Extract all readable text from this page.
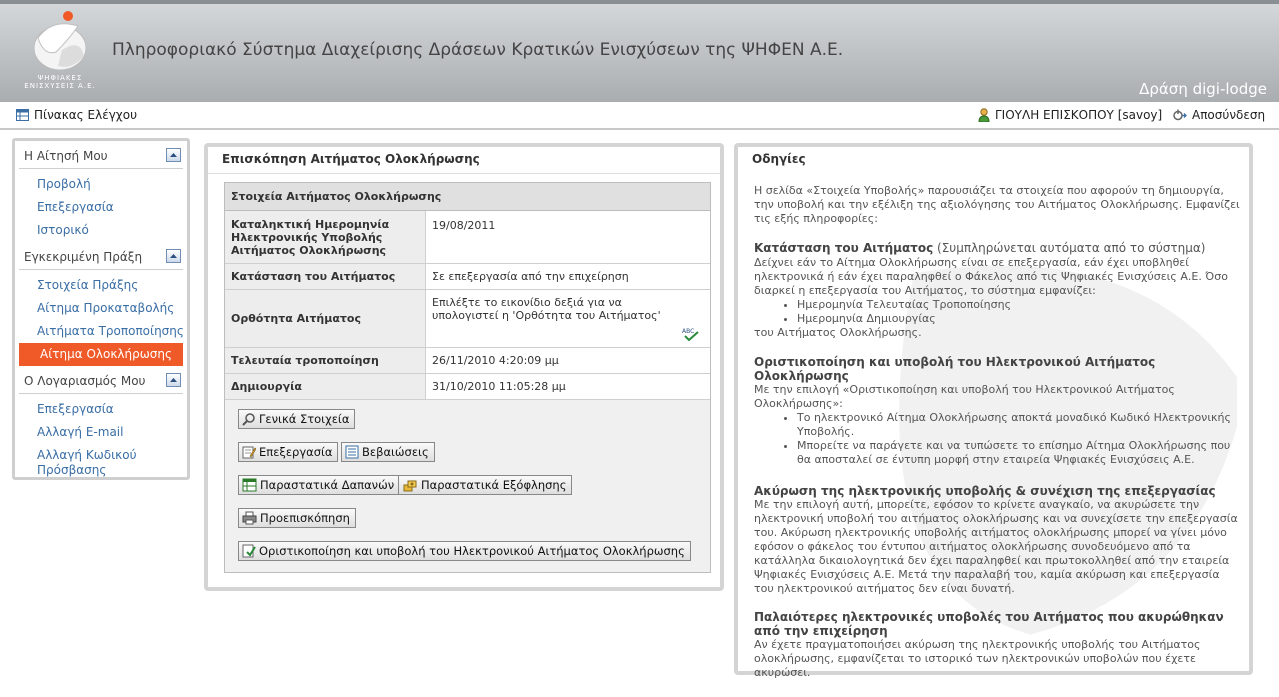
ΨΗΦΙΑΚΕΣ
ΕΝΙΣΧΥΣΕΙΣ Α.Ε.
Πληροφοριακό Σύστημα Διαχείρισης Δράσεων Κρατικών Ενισχύσεων της ΨΗΦΕΝ Α.Ε.
Δράση digi-lodge
Πίνακας Ελέγχου	ΓΙΟΥΛΗ ΕΠΙΣΚΟΠΟΥ [savoy] Αποσύνδεση
Η Αίτησή Μου
Προβολή
Επεξεργασία
Ιστορικό
Εγκεκριμένη Πράξη
Στοιχεία Πράξης
Αίτημα Προκαταβολής
Αιτήματα Τροποποίησης
Αίτημα Ολοκλήρωσης
Ο Λογαριασμός Μου
Επεξεργασία
Αλλαγή E-mail
Αλλαγή Κωδικού Πρόσβασης
Επισκόπηση Αιτήματος Ολοκλήρωσης
Στοιχεία Αιτήματος Ολοκλήρωσης	
Καταληκτική Ημερομηνία Ηλεκτρονικής Υποβολής Αιτήματος Ολοκλήρωσης	19/08/2011
Κατάσταση του Αιτήματος	Σε επεξεργασία από την επιχείρηση
Ορθότητα Αιτήματος	Επιλέξτε το εικονίδιο δεξιά για να υπολογιστεί η 'Ορθότητα του Αιτήματος'
ABC

Τελευταία τροποποίηση	26/11/2010 4:20:09 μμ
Δημιουργία	31/10/2010 11:05:28 μμ
Γενικά Στοιχεία
Επεξεργασία	Βεβαιώσεις
Παραστατικά Δαπανών Παραστατικά Εξόφλησης
Προεπισκόπηση
Οριστικοποίηση και υποβολή του Ηλεκτρονικού Αιτήματος Ολοκλήρωσης
Οδηγίες

Η σελίδα «Στοιχεία Υποβολής» παρουσιάζει τα στοιχεία που αφορούν τη δημιουργία, την υποβολή και την εξέλιξη της αξιολόγησης του Αιτήματος Ολοκλήρωσης. Εμφανίζει τις εξής πληροφορίες:

Κατάσταση του Αιτήματος (Συμπληρώνεται αυτόματα από το σύστημα)

Δείχνει εάν το Αίτημα Ολοκλήρωσης είναι σε επεξεργασία, εάν έχει υποβληθεί ηλεκτρονικά ή εάν έχει παραληφθεί ο Φάκελος από τις Ψηφιακές Ενισχύσεις Α.Ε. Όσο διαρκεί η επεξεργασία του Αιτήματος, το σύστημα εμφανίζει:

• Ημερομηνία Τελευταίας Τροποποίησης
• Ημερομηνία Δημιουργίας

του Αιτήματος Ολοκλήρωσης.

Οριστικοποίηση και υποβολή του Ηλεκτρονικού Αιτήματος Ολοκλήρωσης

Με την επιλογή «Οριστικοποίηση και υποβολή του Ηλεκτρονικού Αιτήματος Ολοκλήρωσης»:

• Το ηλεκτρονικό Αίτημα Ολοκλήρωσης αποκτά μοναδικό Κωδικό Ηλεκτρονικής Υποβολής.
• Μπορείτε να παράγετε και να τυπώσετε το επίσημο Αίτημα Ολοκλήρωσης που θα αποσταλεί σε έντυπη μορφή στην εταιρεία Ψηφιακές Ενισχύσεις Α.Ε.
Ακύρωση της ηλεκτρονικής υποβολής & συνέχιση της επεξεργασίας

Με την επιλογή αυτή, μπορείτε, εφόσον το κρίνετε αναγκαίο, να ακυρώσετε την ηλεκτρονική υποβολή του αιτήματος ολοκλήρωσης και να συνεχίσετε την επεξεργασία του. Ακύρωση ηλεκτρονικής υποβολής αιτήματος ολοκλήρωσης μπορεί να γίνει μόνο εφόσον ο φάκελος του έντυπου αιτήματος ολοκλήρωσης συνοδευόμενο από τα κατάλληλα δικαιολογητικά δεν έχει παραληφθεί και πρωτοκολληθεί από την εταιρεία Ψηφιακές Ενισχύσεις Α.Ε. Μετά την παραλαβή του, καμία ακύρωση και επεξεργασία του ηλεκτρονικού αιτήματος δεν είναι δυνατή.

Παλαιότερες ηλεκτρονικές υποβολές του Αιτήματος που ακυρώθηκαν από την επιχείρηση

Αν έχετε πραγματοποιήσει ακύρωση της ηλεκτρονικής υποβολής του Αιτήματος ολοκλήρωσης, εμφανίζεται το ιστορικό των ηλεκτρονικών υποβολών που έχετε ακυρώσει.
